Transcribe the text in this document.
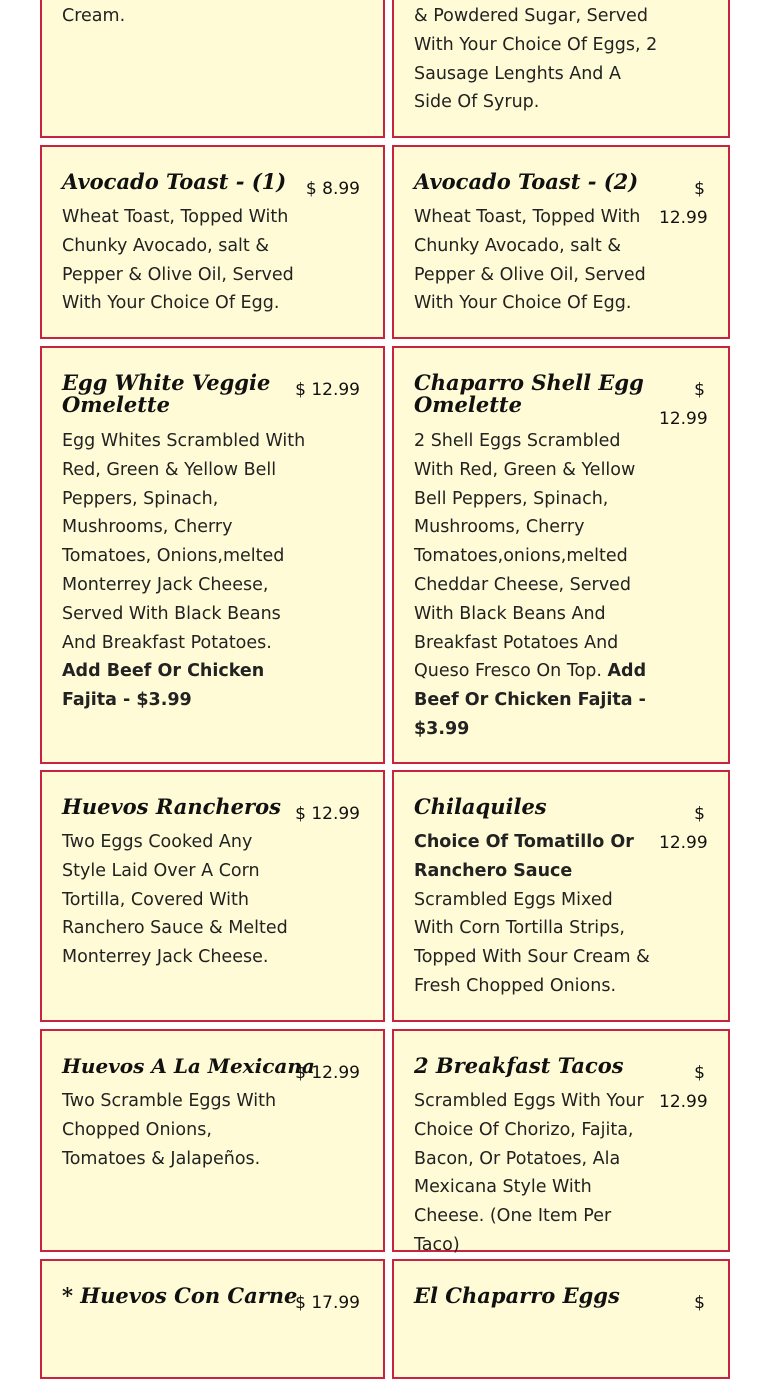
Cream.	& Powdered Sugar, Served With Your Choice Of Eggs, 2 Sausage Lenghts And A Side Of Syrup.

Avocado Toast - (1)	$ 8.99

Wheat Toast, Topped With Chunky Avocado, salt & Pepper & Olive Oil, Served With Your Choice Of Egg.

Avocado Toast - (2)	$ 12.99

Wheat Toast, Topped With Chunky Avocado, salt & Pepper & Olive Oil, Served With Your Choice Of Egg.

Egg White Veggie Omelette
$ 12.99

Egg Whites Scrambled With Red, Green & Yellow Bell Peppers, Spinach, Mushrooms, Cherry Tomatoes, Onions,melted Monterrey Jack Cheese, Served With Black Beans And Breakfast Potatoes. Add Beef Or Chicken Fajita - $3.99

Chaparro Shell Egg Omelette
$ 12.99

2 Shell Eggs Scrambled With Red, Green & Yellow Bell Peppers, Spinach, Mushrooms, Cherry Tomatoes,onions,melted Cheddar Cheese, Served With Black Beans And Breakfast Potatoes And Queso Fresco On Top. Add Beef Or Chicken Fajita - $3.99

Huevos Rancheros $ 12.99

Two Eggs Cooked Any Style Laid Over A Corn Tortilla, Covered With Ranchero Sauce & Melted Monterrey Jack Cheese.

Chilaquiles	$ 12.99

Choice Of Tomatillo Or Ranchero Sauce
Scrambled Eggs Mixed With Corn Tortilla Strips, Topped With Sour Cream & Fresh Chopped Onions.

Huevos A La Mexicana
$ 12.99

Two Scramble Eggs With Chopped Onions, Tomatoes & Jalapeños.

2 Breakfast Tacos	$ 12.99

Scrambled Eggs With Your Choice Of Chorizo, Fajita, Bacon, Or Potatoes, Ala Mexicana Style With Cheese. (One Item Per Taco)

* Huevos Con Carne
$ 17.99	El Chaparro Eggs	$
